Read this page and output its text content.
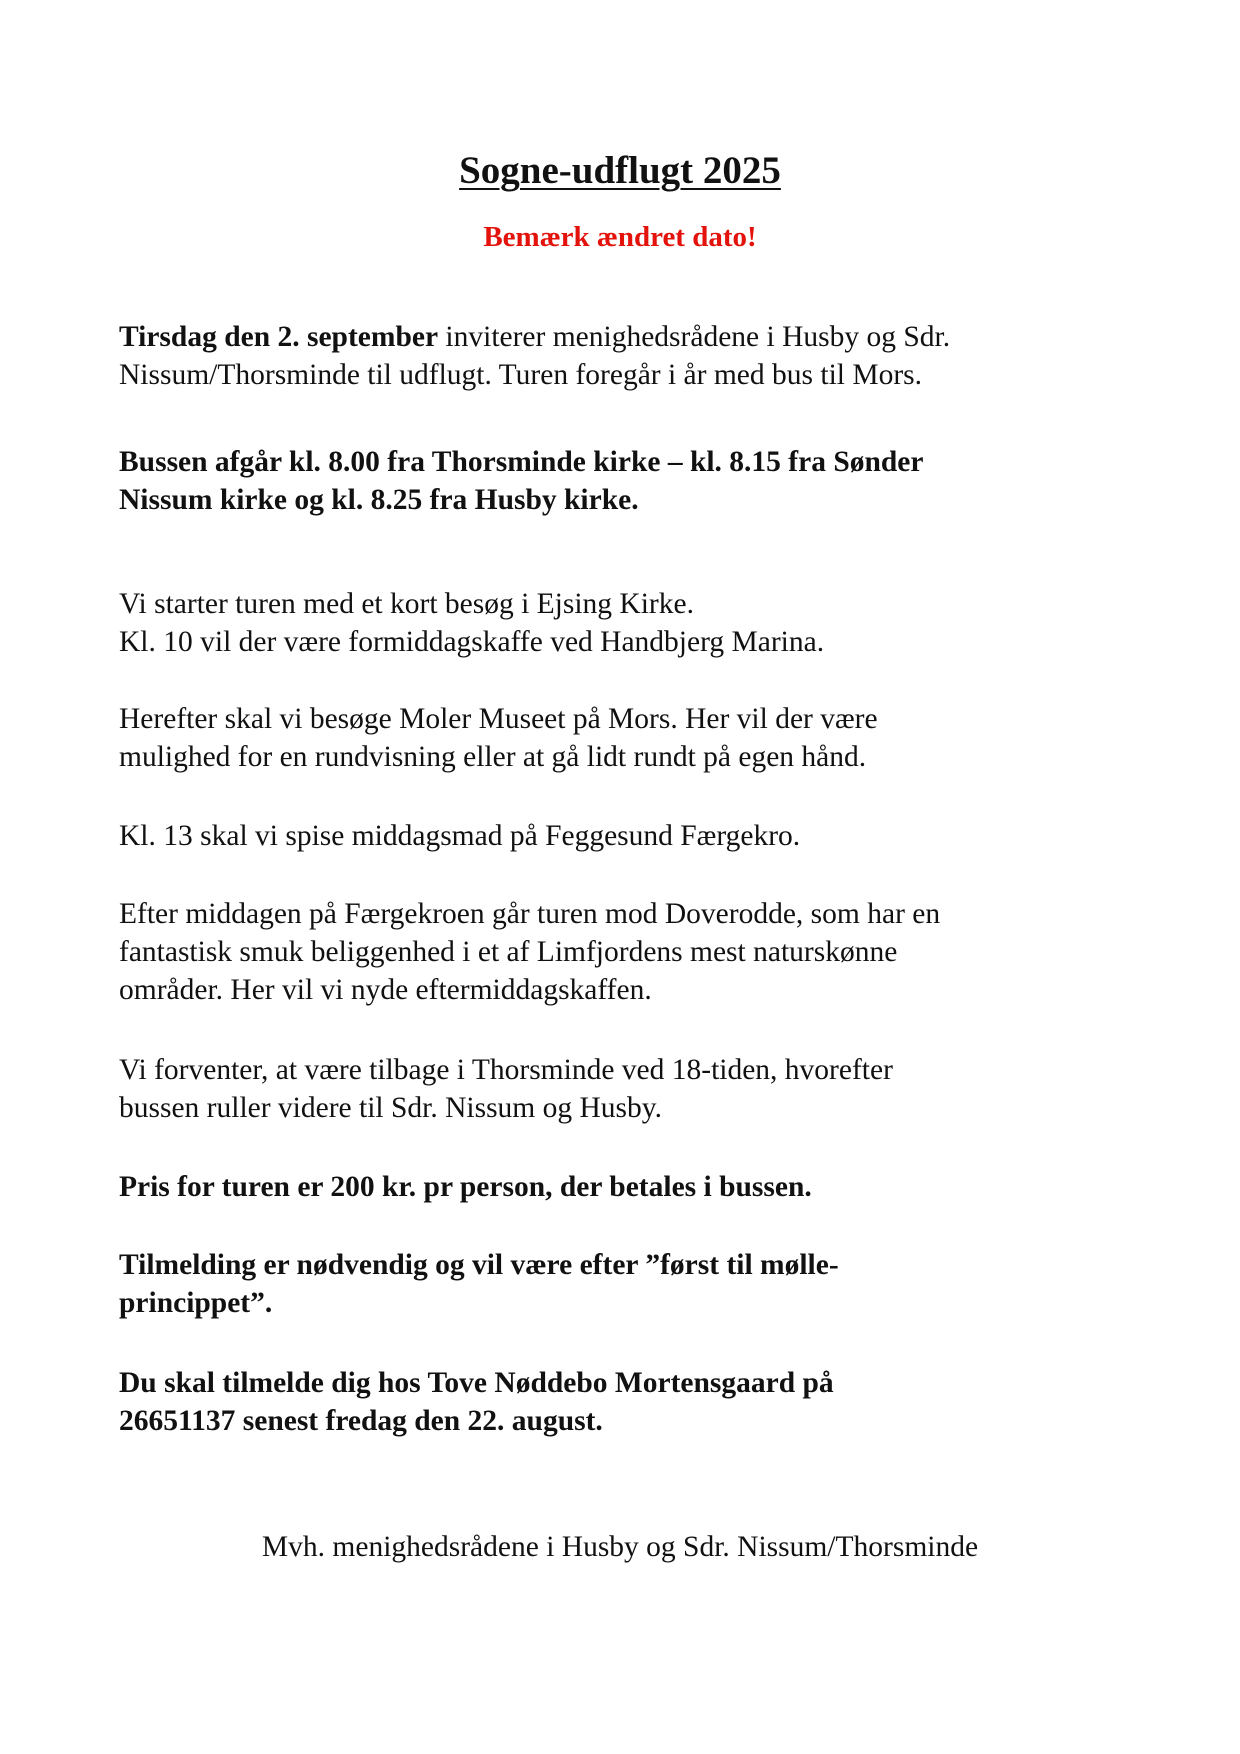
Sogne-udflugt 2025
Bemærk ændret dato!
Tirsdag den 2. september inviterer menighedsrådene i Husby og Sdr.
Nissum/Thorsminde til udflugt. Turen foregår i år med bus til Mors.
Bussen afgår kl. 8.00 fra Thorsminde kirke – kl. 8.15 fra Sønder
Nissum kirke og kl. 8.25 fra Husby kirke.
Vi starter turen med et kort besøg i Ejsing Kirke.
Kl. 10 vil der være formiddagskaffe ved Handbjerg Marina.
Herefter skal vi besøge Moler Museet på Mors. Her vil der være
mulighed for en rundvisning eller at gå lidt rundt på egen hånd.
Kl. 13 skal vi spise middagsmad på Feggesund Færgekro.
Efter middagen på Færgekroen går turen mod Doverodde, som har en
fantastisk smuk beliggenhed i et af Limfjordens mest naturskønne
områder. Her vil vi nyde eftermiddagskaffen.
Vi forventer, at være tilbage i Thorsminde ved 18-tiden, hvorefter
bussen ruller videre til Sdr. Nissum og Husby.
Pris for turen er 200 kr. pr person, der betales i bussen.
Tilmelding er nødvendig og vil være efter ”først til mølle-
princippet”.
Du skal tilmelde dig hos Tove Nøddebo Mortensgaard på
26651137 senest fredag den 22. august.
Mvh. menighedsrådene i Husby og Sdr. Nissum/Thorsminde
